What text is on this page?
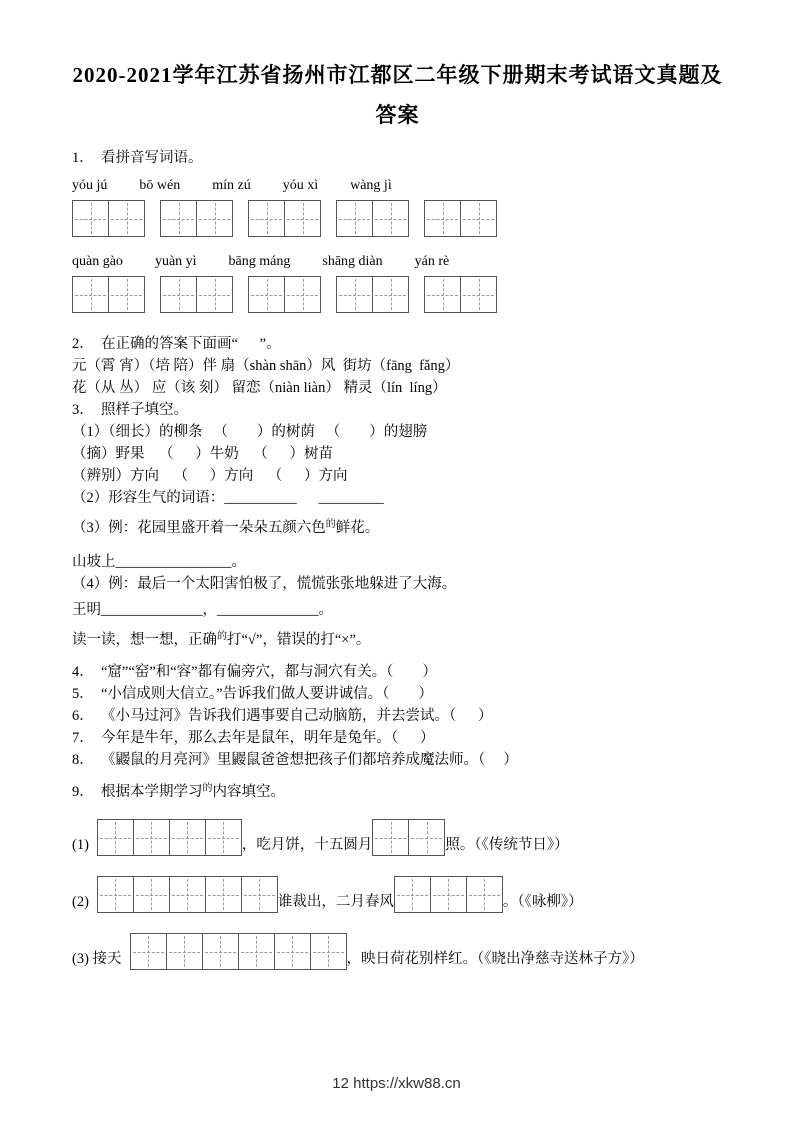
2020-2021学年江苏省扬州市江都区二年级下册期末考试语文真题及
答案
1．  看拼音写词语。
yóu jú bō wén mín zú yóu xì wàng jì
quàn gào yuàn yì bāng máng shāng diàn yán rè
2．  在正确的答案下面画“      ”。
元（霄 宵）（培 陪）伴 扇（shàn shān）风  街坊（fāng  fǎng）
花（从 丛） 应（该 刻） 留恋（niàn liàn） 精灵（lín  líng）
3．  照样子填空。
（1）（细长）的柳条   （        ）的树荫   （        ）的翅膀
（摘）野果    （      ）牛奶    （      ）树苗
（辨别）方向    （      ）方向    （      ）方向
（2）形容生气的词语：__________      _________
（3）例：花园里盛开着一朵朵五颜六色$^的$鲜花。
山坡上________________。
（4）例：最后一个太阳害怕极了，慌慌张张地躲进了大海。
王明______________，______________。
读一读，想一想，正确$^的$打“√”，错误的打“×”。
4．  “窟”“窑”和“容”都有偏旁穴，都与洞穴有关。（        ）
5．  “小信成则大信立。”告诉我们做人要讲诚信。（        ）
6．  《小马过河》告诉我们遇事要自己动脑筋，并去尝试。（      ）
7．  今年是牛年，那么去年是鼠年，明年是兔年。（      ）
8．  《鼹鼠的月亮河》里鼹鼠爸爸想把孩子们都培养成魔法师。（     ）
9．  根据本学期学习$^的$内容填空。
(1)	，吃月饼，十五圆月	照。（《传统节日》）
(2)	谁裁出，二月春风	。（《咏柳》）
(3) 接天	，映日荷花别样红。（《晓出净慈寺送林子方》）
12 https://xkw88.cn
